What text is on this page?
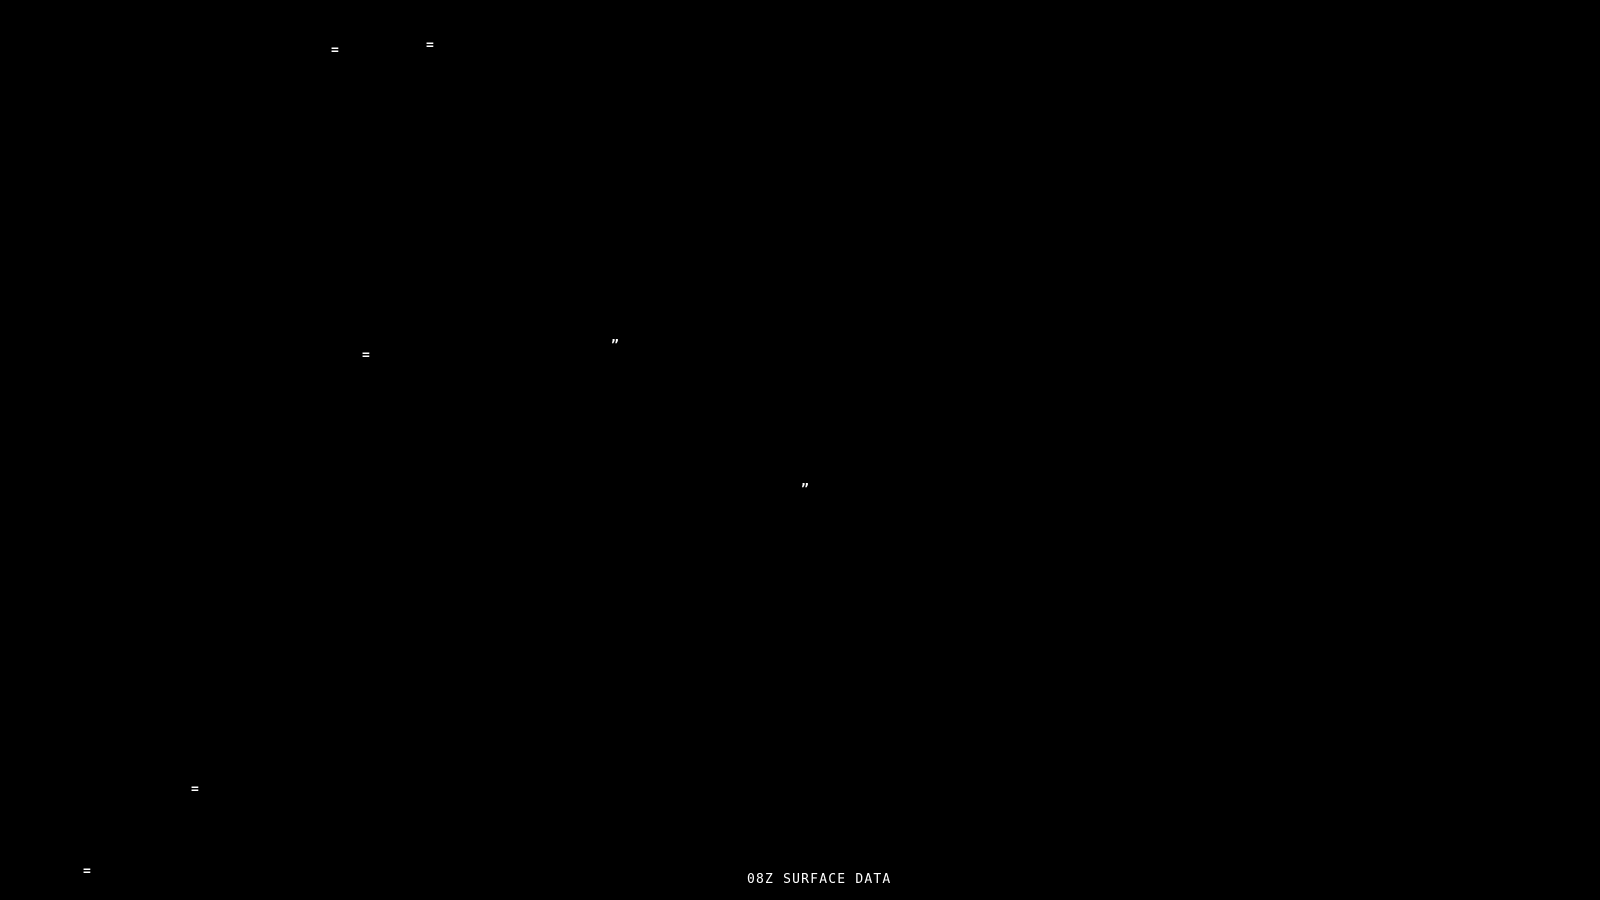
=	=
=
”
”
=
=
08Z SURFACE DATA
